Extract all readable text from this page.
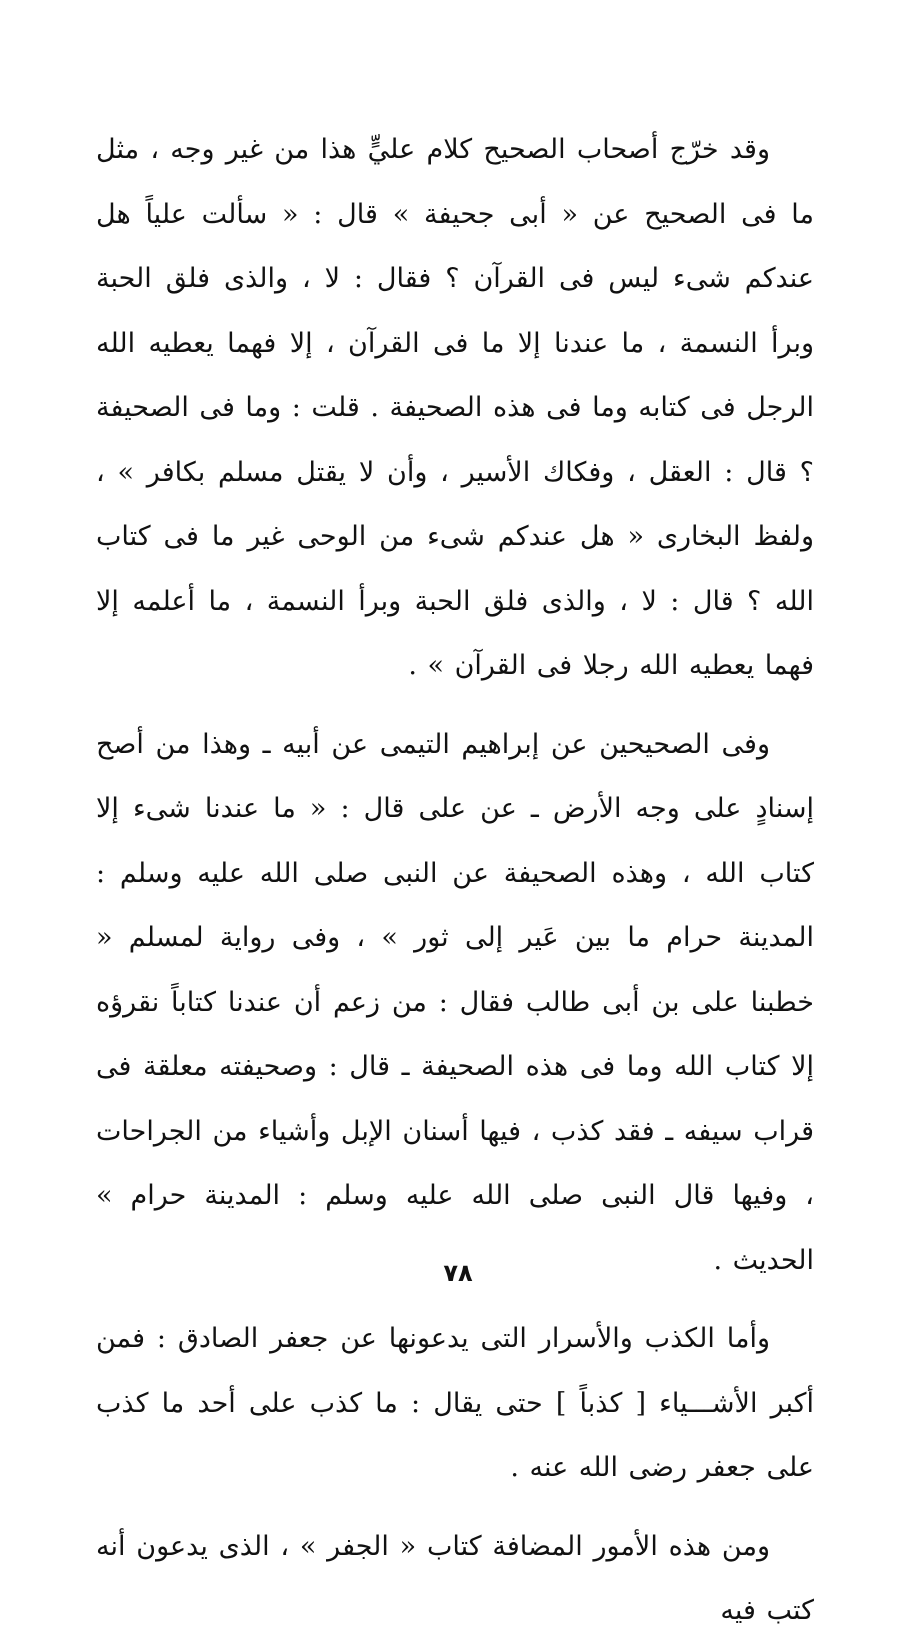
وقد خرّج أصحاب الصحيح كلام عليٍّ هذا من غير وجه ، مثل ما فى الصحيح عن « أبى جحيفة » قال : « سألت علياً هل عندكم شىء ليس فى القرآن ؟ فقال : لا ، والذى فلق الحبة وبرأ النسمة ، ما عندنا إلا ما فى القرآن ، إلا فهما يعطيه الله الرجل فى كتابه وما فى هذه الصحيفة . قلت : وما فى الصحيفة ؟ قال : العقل ، وفكاك الأسير ، وأن لا يقتل مسلم بكافر » ، ولفظ البخارى « هل عندكم شىء من الوحى غير ما فى كتاب الله ؟ قال : لا ، والذى فلق الحبة وبرأ النسمة ، ما أعلمه إلا فهما يعطيه الله رجلا فى القرآن » .

وفى الصحيحين عن إبراهيم التيمى عن أبيه ـ وهذا من أصح إسنادٍ على وجه الأرض ـ عن على قال : « ما عندنا شىء إلا كتاب الله ، وهذه الصحيفة عن النبى صلى الله عليه وسلم : المدينة حرام ما بين عَير إلى ثور » ، وفى رواية لمسلم « خطبنا على بن أبى طالب فقال : من زعم أن عندنا كتاباً نقرؤه إلا كتاب الله وما فى هذه الصحيفة ـ قال : وصحيفته معلقة فى قراب سيفه ـ فقد كذب ، فيها أسنان الإبل وأشياء من الجراحات ، وفيها قال النبى صلى الله عليه وسلم : المدينة حرام » الحديث .

وأما الكذب والأسرار التى يدعونها عن جعفر الصادق : فمن أكبر الأشـــياء [ كذباً ] حتى يقال : ما كذب على أحد ما كذب على جعفر رضى الله عنه .

ومن هذه الأمور المضافة كتاب « الجفر » ، الذى يدعون أنه كتب فيه

٧٨
